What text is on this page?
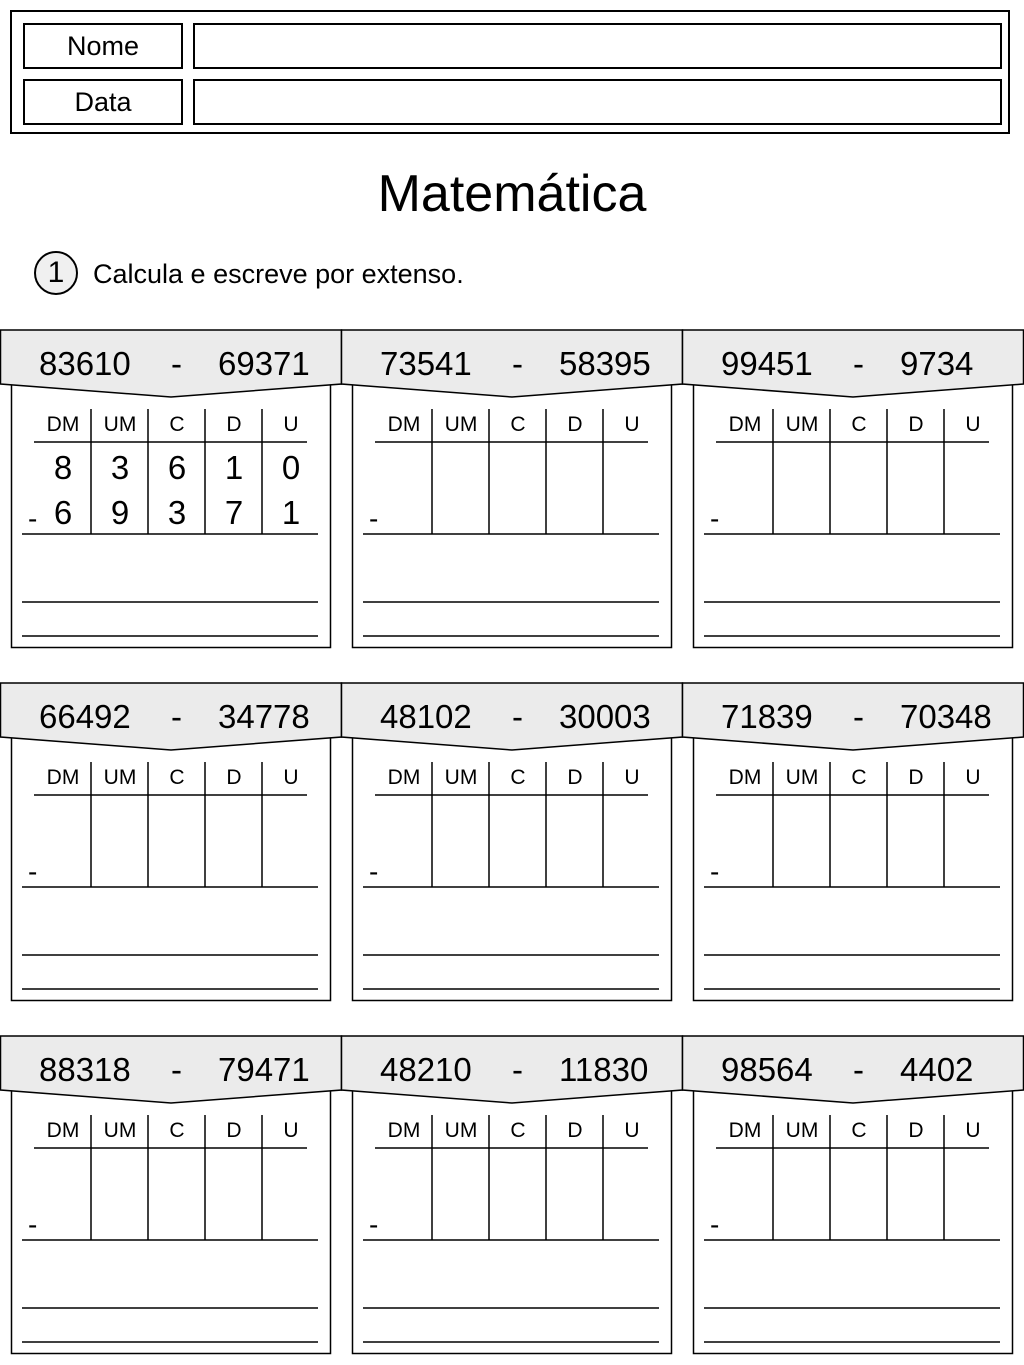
Nome
Data
Matemática
1	Calcula e escreve por extenso.
83610 - 69371
DM	UM	C	D	U
8	3	6	1	0
6	9	3	7	1
-
73541 - 58395
DM	UM	C	D	U
-
99451 - 9734
DM	UM	C	D	U
-
66492 - 34778
DM	UM	C	D	U
-
48102 - 30003
DM	UM	C	D	U
-
71839 - 70348
DM	UM	C	D	U
-
88318 - 79471
DM	UM	C	D	U
-
48210 - 11830
DM	UM	C	D	U
-
98564 - 4402
DM	UM	C	D	U
-
